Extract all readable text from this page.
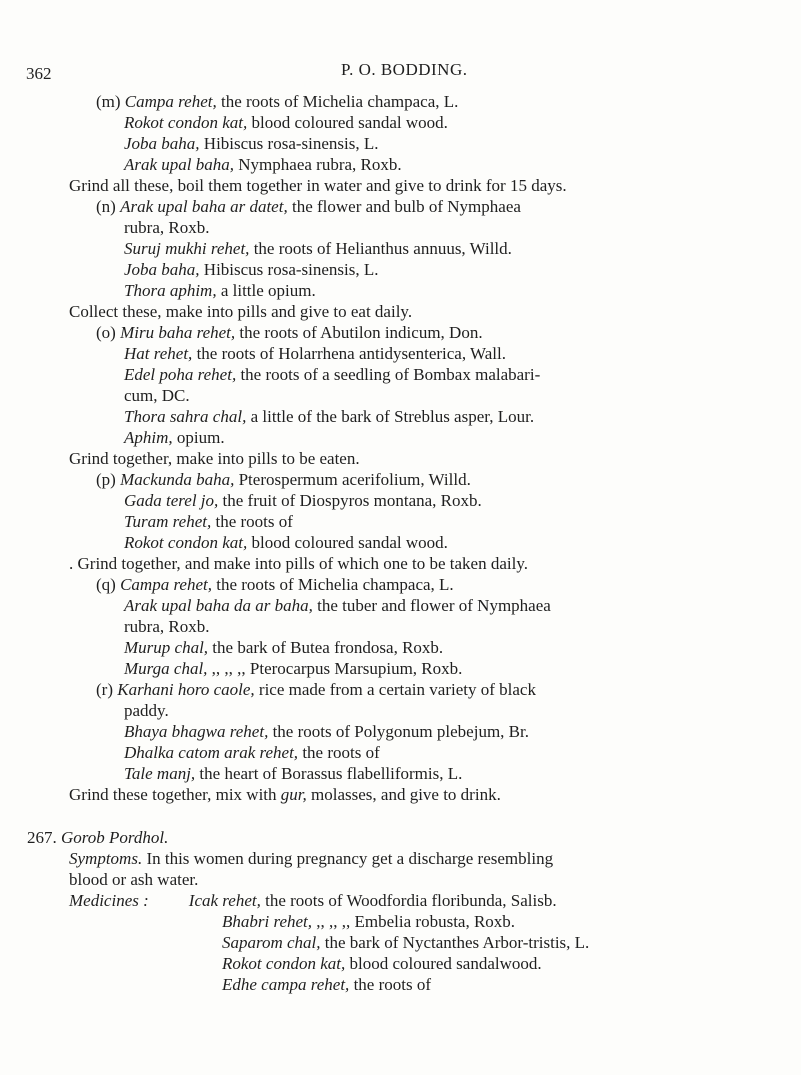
362	P. O. BODDING.
(m) Campa rehet, the roots of Michelia champaca, L.
Rokot condon kat, blood coloured sandal wood.
Joba baha, Hibiscus rosa-sinensis, L.
Arak upal baha, Nymphaea rubra, Roxb.
Grind all these, boil them together in water and give to drink for 15 days.
(n) Arak upal baha ar datet, the flower and bulb of Nymphaea
rubra, Roxb.
Suruj mukhi rehet, the roots of Helianthus annuus, Willd.
Joba baha, Hibiscus rosa-sinensis, L.
Thora aphim, a little opium.
Collect these, make into pills and give to eat daily.
(o) Miru baha rehet, the roots of Abutilon indicum, Don.
Hat rehet, the roots of Holarrhena antidysenterica, Wall.
Edel poha rehet, the roots of a seedling of Bombax malabari-
cum, DC.
Thora sahra chal, a little of the bark of Streblus asper, Lour.
Aphim, opium.
Grind together, make into pills to be eaten.
(p) Mackunda baha, Pterospermum acerifolium, Willd.
Gada terel jo, the fruit of Diospyros montana, Roxb.
Turam rehet, the roots of
Rokot condon kat, blood coloured sandal wood.
. Grind together, and make into pills of which one to be taken daily.
(q) Campa rehet, the roots of Michelia champaca, L.
Arak upal baha da ar baha, the tuber and flower of Nymphaea
rubra, Roxb.
Murup chal, the bark of Butea frondosa, Roxb.
Murga chal, ,, ,, ,, Pterocarpus Marsupium, Roxb.
(r) Karhani horo caole, rice made from a certain variety of black
paddy.
Bhaya bhagwa rehet, the roots of Polygonum plebejum, Br.
Dhalka catom arak rehet, the roots of
Tale manj, the heart of Borassus flabelliformis, L.
Grind these together, mix with gur, molasses, and give to drink.
267. Gorob Pordhol.
Symptoms. In this women during pregnancy get a discharge resembling
blood or ash water.
Medicines : Icak rehet, the roots of Woodfordia floribunda, Salisb.
Bhabri rehet, ,, ,, ,, Embelia robusta, Roxb.
Saparom chal, the bark of Nyctanthes Arbor-tristis, L.
Rokot condon kat, blood coloured sandalwood.
Edhe campa rehet, the roots of
